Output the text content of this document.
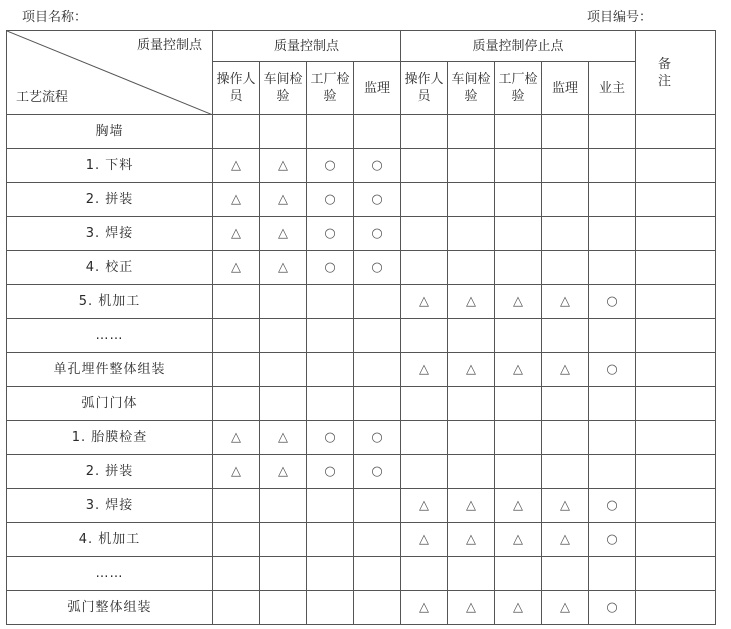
项目名称：	项目编号：
质量控制点
工艺流程	质量控制点				质量控制停止点					备 注
	操作人员	车间检验	工厂检验	监理	操作人员	车间检验	工厂检验	监理	业主	
胸墙										
1. 下料	△	△	○	○						
2. 拼装	△	△	○	○						
3. 焊接	△	△	○	○						
4. 校正	△	△	○	○						
5. 机加工					△	△	△	△	○	
……										
单孔埋件整体组装					△	△	△	△	○	
弧门门体										
1. 胎膜检查	△	△	○	○						
2. 拼装	△	△	○	○						
3. 焊接					△	△	△	△	○	
4. 机加工					△	△	△	△	○	
……										
弧门整体组装					△	△	△	△	○	
